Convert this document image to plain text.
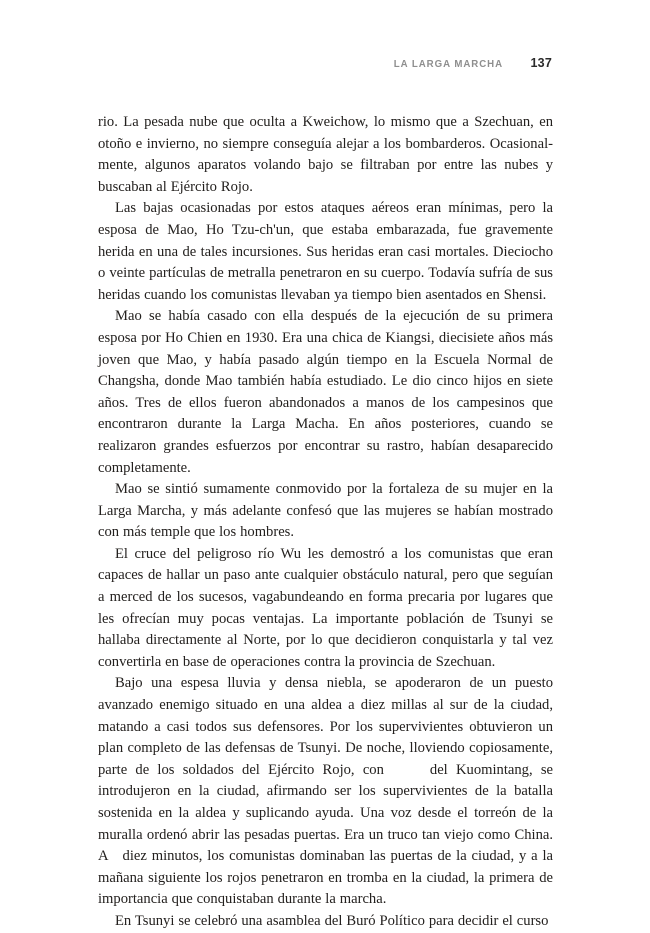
LA LARGA MARCHA	137

rio. La pesada nube que oculta a Kweichow, lo mismo que a Szechuan, en otoño e invierno, no siempre conseguía alejar a los bombarderos. Ocasionalmente, algunos aparatos volando bajo se filtraban por entre las nubes y buscaban al Ejército Rojo.

Las bajas ocasionadas por estos ataques aéreos eran mínimas, pero la esposa de Mao, Ho Tzu-ch'un, que estaba embarazada, fue gravemente herida en una de tales incursiones. Sus heridas eran casi mortales. Dieciocho o veinte partículas de metralla penetraron en su cuerpo. Todavía sufría de sus heridas cuando los comunistas llevaban ya tiempo bien asentados en Shensi.

Mao se había casado con ella después de la ejecución de su primera esposa por Ho Chien en 1930. Era una chica de Kiangsi, diecisiete años más joven que Mao, y había pasado algún tiempo en la Escuela Normal de Changsha, donde Mao también había estudiado. Le dio cinco hijos en siete años. Tres de ellos fueron abandonados a manos de los campesinos que encontraron durante la Larga Macha. En años posteriores, cuando se realizaron grandes esfuerzos por encontrar su rastro, habían desaparecido completamente.

Mao se sintió sumamente conmovido por la fortaleza de su mujer en la Larga Marcha, y más adelante confesó que las mujeres se habían mostrado con más temple que los hombres.

El cruce del peligroso río Wu les demostró a los comunistas que eran capaces de hallar un paso ante cualquier obstáculo natural, pero que seguían a merced de los sucesos, vagabundeando en forma precaria por lugares que les ofrecían muy pocas ventajas. La importante población de Tsunyi se hallaba directamente al Norte, por lo que decidieron conquistarla y tal vez convertirla en base de operaciones contra la provincia de Szechuan.

Bajo una espesa lluvia y densa niebla, se apoderaron de un puesto avanzado enemigo situado en una aldea a diez millas al sur de la ciudad, matando a casi todos sus defensores. Por los supervivientes obtuvieron un plan completo de las defensas de Tsunyi. De noche, lloviendo copiosamente, parte de los soldados del Ejército Rojo, con	del Kuomintang, se introdujeron en la ciudad, afirmando ser los supervivientes de la batalla sostenida en la aldea y suplicando ayuda. Una voz desde el torreón de la muralla ordenó abrir las pesadas puertas. Era un truco tan viejo como China. A diez minutos, los comunistas dominaban las puertas de la ciudad, y a la mañana siguiente los rojos penetraron en tromba en la ciudad, la primera de importancia que conquistaban durante la marcha.

En Tsunyi se celebró una asamblea del Buró Político para decidir el curso
